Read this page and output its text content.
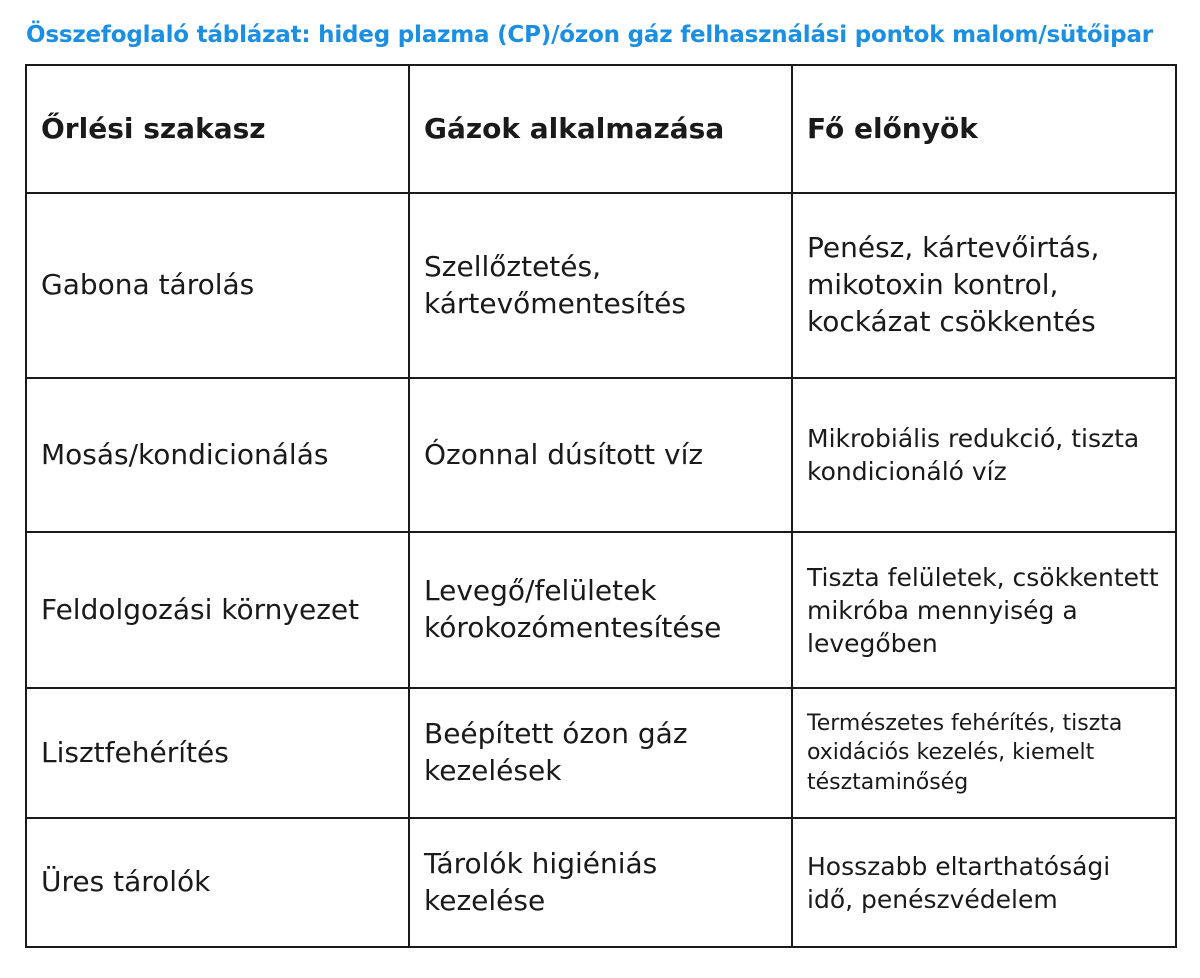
Összefoglaló táblázat: hideg plazma (CP)/ózon gáz felhasználási pontok malom/sütőipar
Őrlési szakasz	Gázok alkalmazása	Fő előnyök
Gabona tárolás	Szellőztetés, kártevőmentesítés	Penész, kártevőirtás, mikotoxin kontrol, kockázat csökkentés
Mosás/kondicionálás	Ózonnal dúsított víz	Mikrobiális redukció, tiszta kondicionáló víz
Feldolgozási környezet	Levegő/felületek kórokozómentesítése	Tiszta felületek, csökkentett mikróba mennyiség a levegőben
Lisztfehérítés	Beépített ózon gáz kezelések	Természetes fehérítés, tiszta oxidációs kezelés, kiemelt tésztaminőség
Üres tárolók	Tárolók higiéniás kezelése	Hosszabb eltarthatósági idő, penészvédelem
